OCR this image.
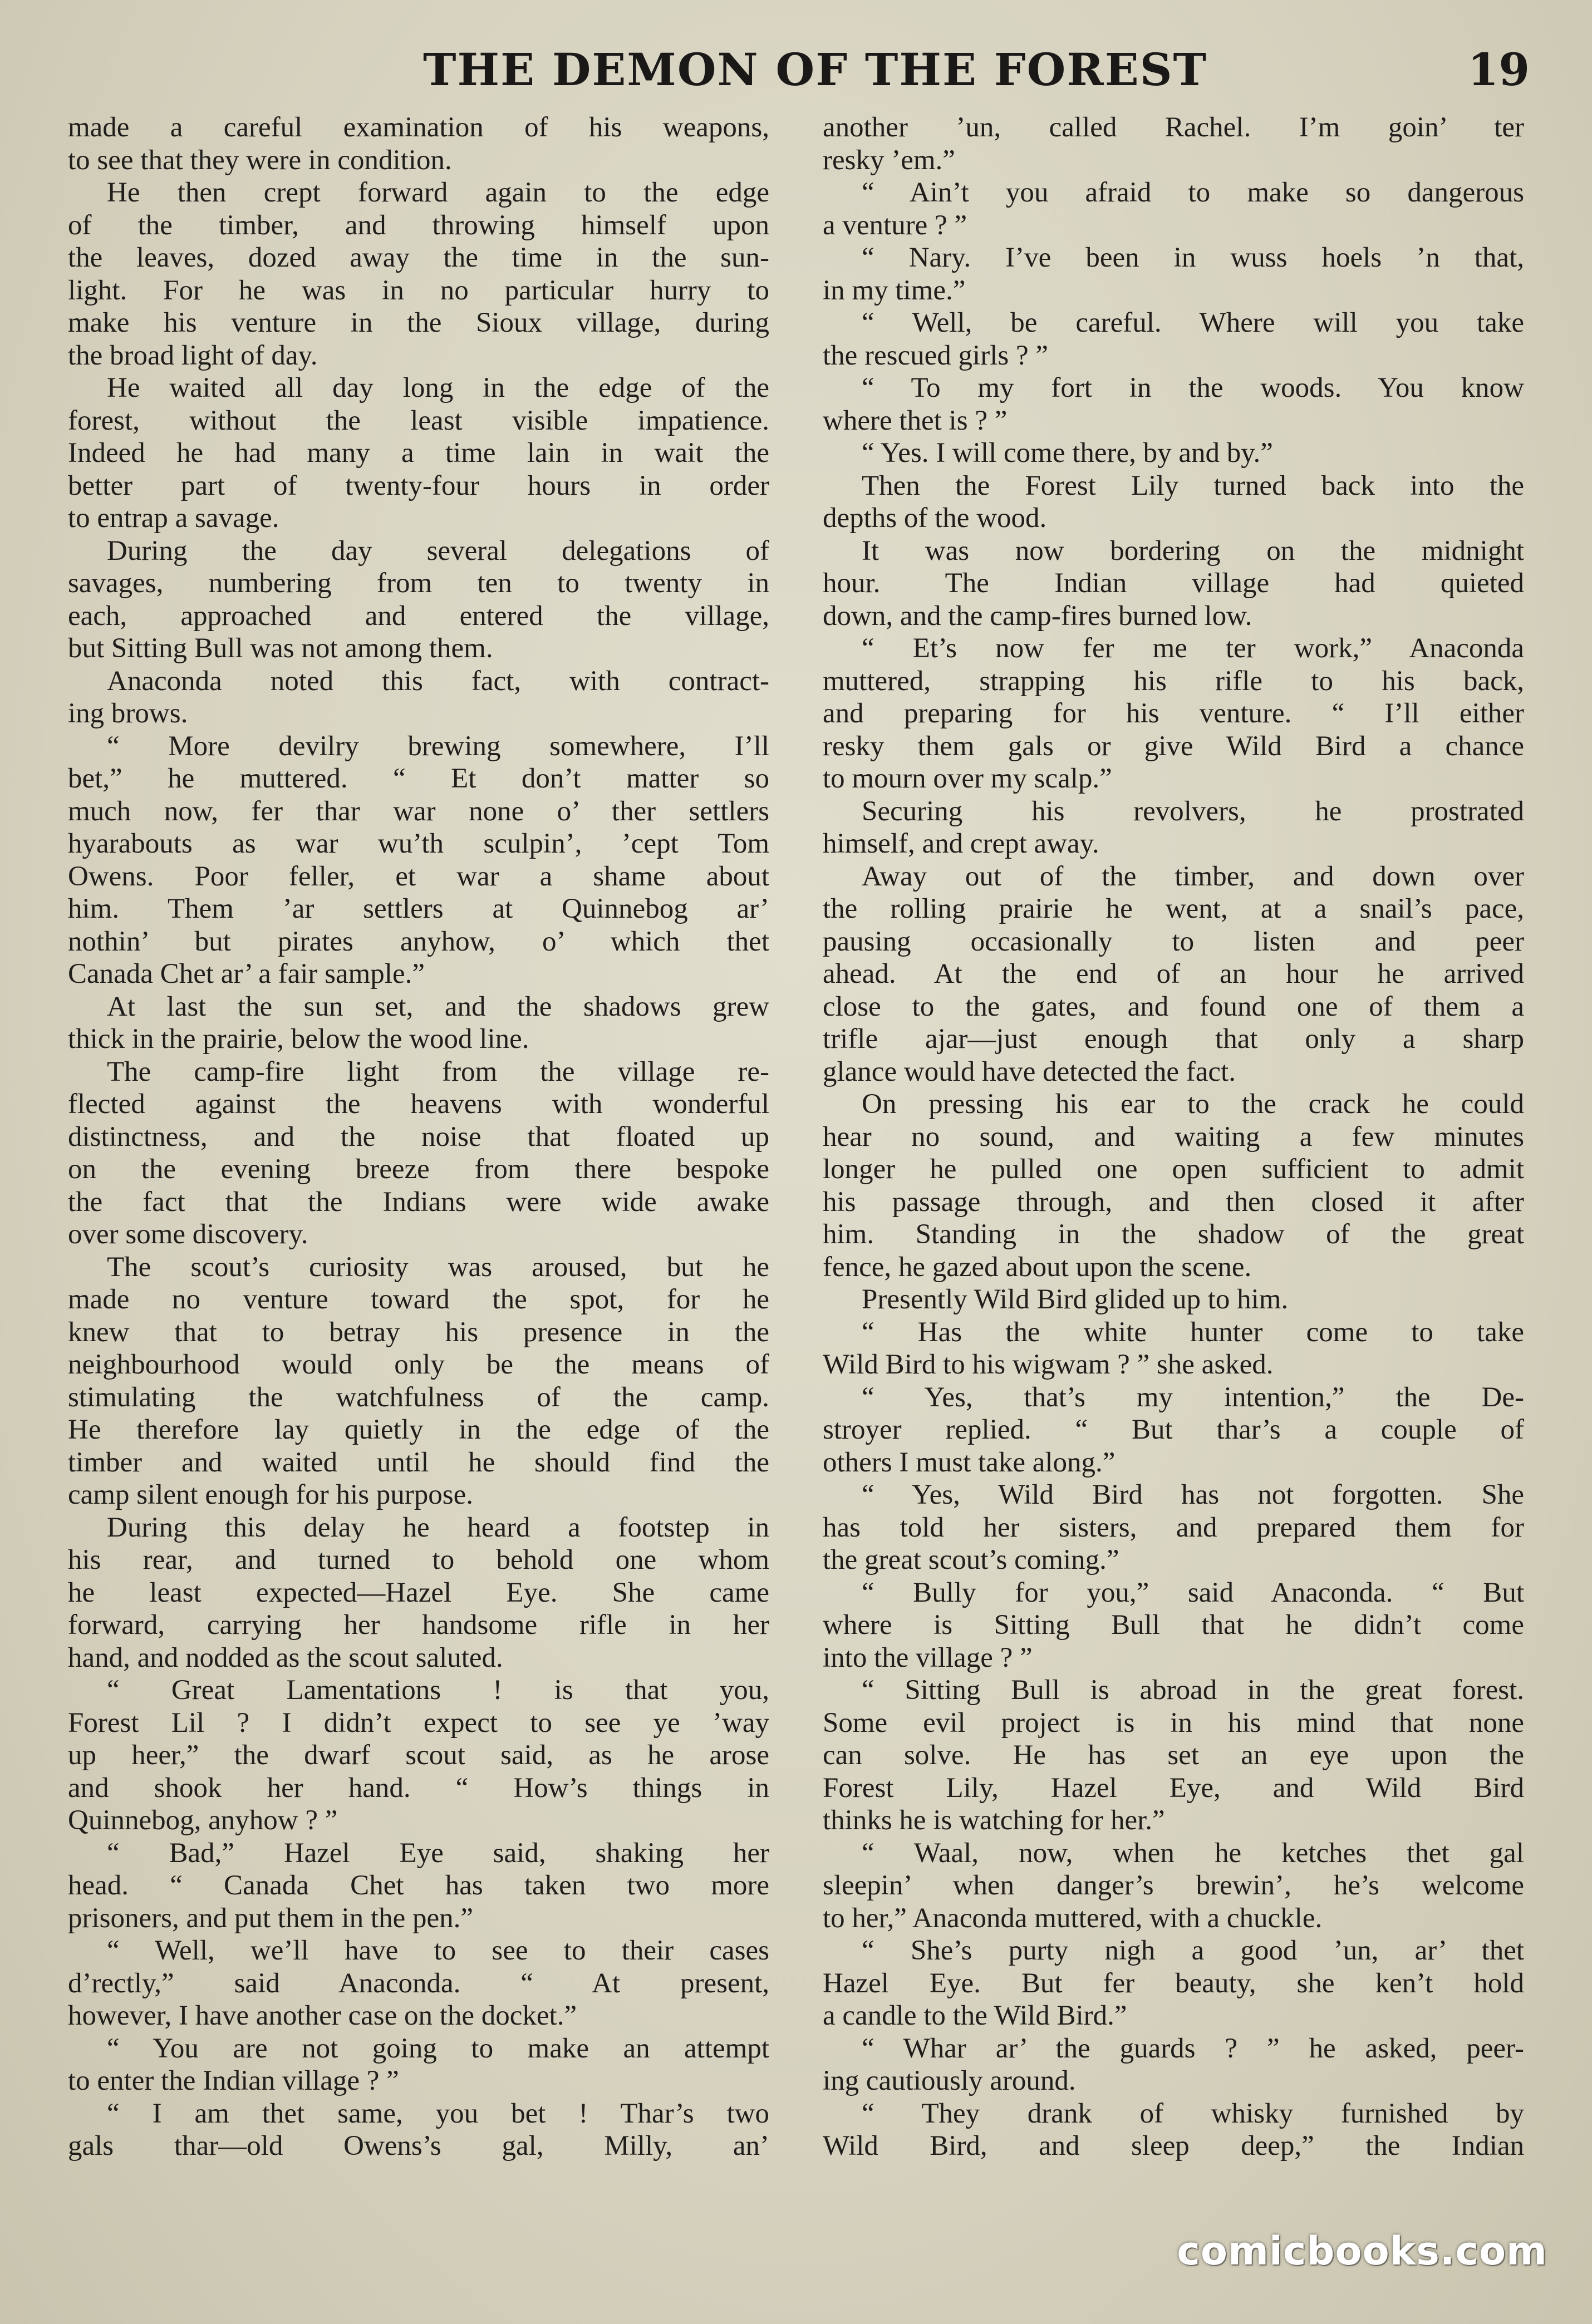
THE DEMON OF THE FOREST	19
made a careful examination of his weapons,
to see that they were in condition.
He then crept forward again to the edge
of the timber, and throwing himself upon
the leaves, dozed away the time in the sun-
light. For he was in no particular hurry to
make his venture in the Sioux village, during
the broad light of day.
He waited all day long in the edge of the
forest, without the least visible impatience.
Indeed he had many a time lain in wait the
better part of twenty-four hours in order
to entrap a savage.
During the day several delegations of
savages, numbering from ten to twenty in
each, approached and entered the village,
but Sitting Bull was not among them.
Anaconda noted this fact, with contract-
ing brows.
“ More devilry brewing somewhere, I’ll
bet,” he muttered. “ Et don’t matter so
much now, fer thar war none o’ ther settlers
hyarabouts as war wu’th sculpin’, ’cept Tom
Owens. Poor feller, et war a shame about
him. Them ’ar settlers at Quinnebog ar’
nothin’ but pirates anyhow, o’ which thet
Canada Chet ar’ a fair sample.”
At last the sun set, and the shadows grew
thick in the prairie, below the wood line.
The camp-fire light from the village re-
flected against the heavens with wonderful
distinctness, and the noise that floated up
on the evening breeze from there bespoke
the fact that the Indians were wide awake
over some discovery.
The scout’s curiosity was aroused, but he
made no venture toward the spot, for he
knew that to betray his presence in the
neighbourhood would only be the means of
stimulating the watchfulness of the camp.
He therefore lay quietly in the edge of the
timber and waited until he should find the
camp silent enough for his purpose.
During this delay he heard a footstep in
his rear, and turned to behold one whom
he least expected—Hazel Eye. She came
forward, carrying her handsome rifle in her
hand, and nodded as the scout saluted.
“ Great Lamentations ! is that you,
Forest Lil ? I didn’t expect to see ye ’way
up heer,” the dwarf scout said, as he arose
and shook her hand. “ How’s things in
Quinnebog, anyhow ? ”
“ Bad,” Hazel Eye said, shaking her
head. “ Canada Chet has taken two more
prisoners, and put them in the pen.”
“ Well, we’ll have to see to their cases
d’rectly,” said Anaconda. “ At present,
however, I have another case on the docket.”
“ You are not going to make an attempt
to enter the Indian village ? ”
“ I am thet same, you bet ! Thar’s two
gals thar—old Owens’s gal, Milly, an’
another ’un, called Rachel. I’m goin’ ter
resky ’em.”
“ Ain’t you afraid to make so dangerous
a venture ? ”
“ Nary. I’ve been in wuss hoels ’n that,
in my time.”
“ Well, be careful. Where will you take
the rescued girls ? ”
“ To my fort in the woods. You know
where thet is ? ”
“ Yes. I will come there, by and by.”
Then the Forest Lily turned back into the
depths of the wood.
It was now bordering on the midnight
hour. The Indian village had quieted
down, and the camp-fires burned low.
“ Et’s now fer me ter work,” Anaconda
muttered, strapping his rifle to his back,
and preparing for his venture. “ I’ll either
resky them gals or give Wild Bird a chance
to mourn over my scalp.”
Securing his revolvers, he prostrated
himself, and crept away.
Away out of the timber, and down over
the rolling prairie he went, at a snail’s pace,
pausing occasionally to listen and peer
ahead. At the end of an hour he arrived
close to the gates, and found one of them a
trifle ajar—just enough that only a sharp
glance would have detected the fact.
On pressing his ear to the crack he could
hear no sound, and waiting a few minutes
longer he pulled one open sufficient to admit
his passage through, and then closed it after
him. Standing in the shadow of the great
fence, he gazed about upon the scene.
Presently Wild Bird glided up to him.
“ Has the white hunter come to take
Wild Bird to his wigwam ? ” she asked.
“ Yes, that’s my intention,” the De-
stroyer replied. “ But thar’s a couple of
others I must take along.”
“ Yes, Wild Bird has not forgotten. She
has told her sisters, and prepared them for
the great scout’s coming.”
“ Bully for you,” said Anaconda. “ But
where is Sitting Bull that he didn’t come
into the village ? ”
“ Sitting Bull is abroad in the great forest.
Some evil project is in his mind that none
can solve. He has set an eye upon the
Forest Lily, Hazel Eye, and Wild Bird
thinks he is watching for her.”
“ Waal, now, when he ketches thet gal
sleepin’ when danger’s brewin’, he’s welcome
to her,” Anaconda muttered, with a chuckle.
“ She’s purty nigh a good ’un, ar’ thet
Hazel Eye. But fer beauty, she ken’t hold
a candle to the Wild Bird.”
“ Whar ar’ the guards ? ” he asked, peer-
ing cautiously around.
“ They drank of whisky furnished by
Wild Bird, and sleep deep,” the Indian
comicbooks.com
